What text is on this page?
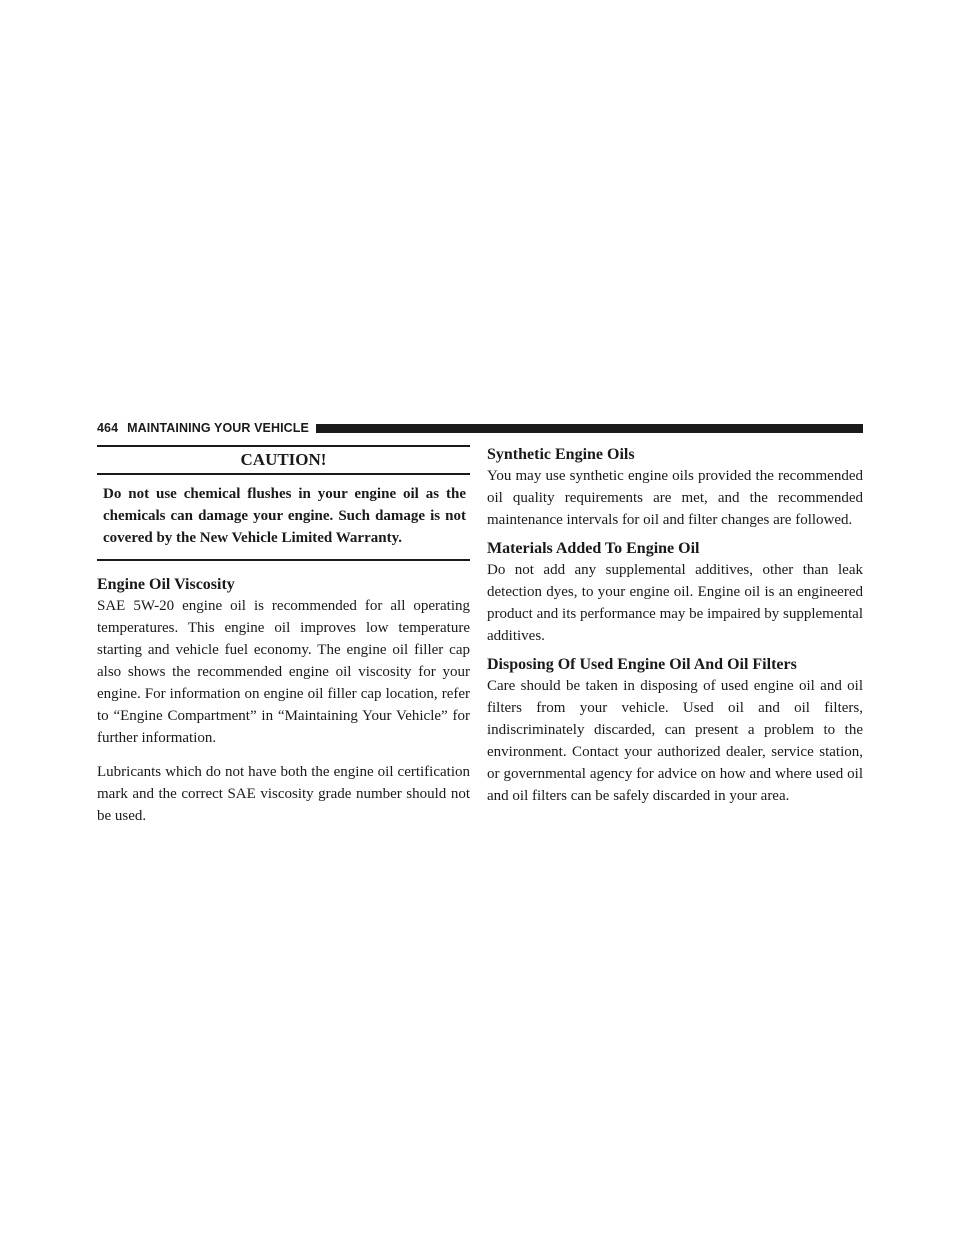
464 MAINTAINING YOUR VEHICLE
CAUTION!
Do not use chemical flushes in your engine oil as the chemicals can damage your engine. Such damage is not covered by the New Vehicle Limited Warranty.
Engine Oil Viscosity

SAE 5W-20 engine oil is recommended for all operating temperatures. This engine oil improves low temperature starting and vehicle fuel economy. The engine oil filler cap also shows the recommended engine oil viscosity for your engine. For information on engine oil filler cap location, refer to “Engine Compartment” in “Maintaining Your Vehicle” for further information.

Lubricants which do not have both the engine oil certification mark and the correct SAE viscosity grade number should not be used.

Synthetic Engine Oils

You may use synthetic engine oils provided the recommended oil quality requirements are met, and the recommended maintenance intervals for oil and filter changes are followed.

Materials Added To Engine Oil

Do not add any supplemental additives, other than leak detection dyes, to your engine oil. Engine oil is an engineered product and its performance may be impaired by supplemental additives.

Disposing Of Used Engine Oil And Oil Filters

Care should be taken in disposing of used engine oil and oil filters from your vehicle. Used oil and oil filters, indiscriminately discarded, can present a problem to the environment. Contact your authorized dealer, service station, or governmental agency for advice on how and where used oil and oil filters can be safely discarded in your area.
